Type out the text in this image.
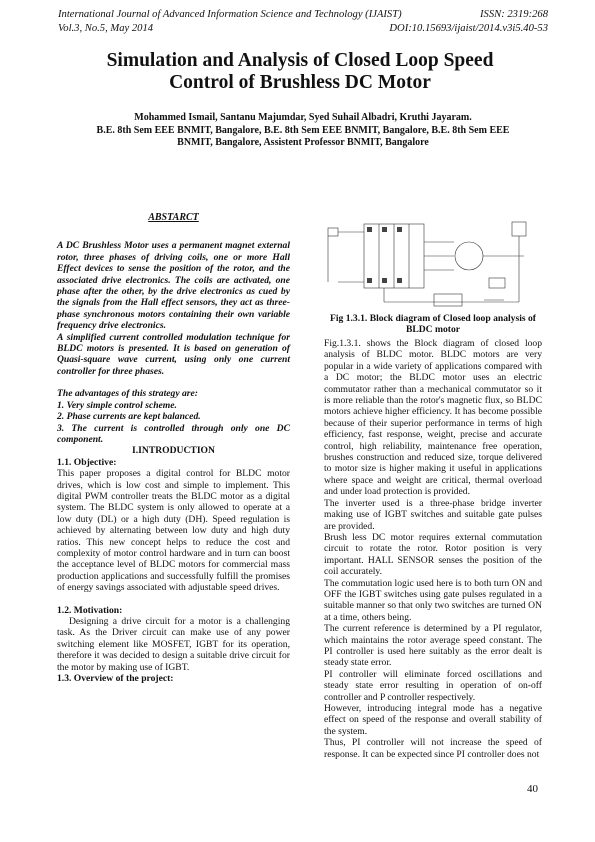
International Journal of Advanced Information Science and Technology (IJAIST)	ISSN: 2319:268
Vol.3, No.5, May 2014	DOI:10.15693/ijaist/2014.v3i5.40-53
Simulation and Analysis of Closed Loop Speed
Control of Brushless DC Motor
Mohammed Ismail, Santanu Majumdar, Syed Suhail Albadri, Kruthi Jayaram.
B.E. 8th Sem EEE BNMIT, Bangalore, B.E. 8th Sem EEE BNMIT, Bangalore, B.E. 8th Sem EEE
BNMIT, Bangalore, Assistent Professor BNMIT, Bangalore
ABSTARCT

A DC Brushless Motor uses a permanent magnet external rotor, three phases of driving coils, one or more Hall Effect devices to sense the position of the rotor, and the associated drive electronics. The coils are activated, one phase after the other, by the drive electronics as cued by the signals from the Hall effect sensors, they act as three-phase synchronous motors containing their own variable frequency drive electronics.

A simplified current controlled modulation technique for BLDC motors is presented. It is based on generation of Quasi-square wave current, using only one current controller for three phases.

The advantages of this strategy are:

1. Very simple control scheme.

2. Phase currents are kept balanced.

3. The current is controlled through only one DC component.

I.INTRODUCTION

1.1. Objective:

This paper proposes a digital control for BLDC motor drives, which is low cost and simple to implement. This digital PWM controller treats the BLDC motor as a digital system. The BLDC system is only allowed to operate at a low duty (DL) or a high duty (DH). Speed regulation is achieved by alternating between low duty and high duty ratios. This new concept helps to reduce the cost and complexity of motor control hardware and in turn can boost the acceptance level of BLDC motors for commercial mass production applications and successfully fulfill the promises of energy savings associated with adjustable speed drives.

1.2. Motivation:

Designing a drive circuit for a motor is a challenging task. As the Driver circuit can make use of any power switching element like MOSFET, IGBT for its operation, therefore it was decided to design a suitable drive circuit for the motor by making use of IGBT.

1.3. Overview of the project:

Fig 1.3.1. Block diagram of Closed loop analysis of BLDC motor

Fig.1.3.1. shows the Block diagram of closed loop analysis of BLDC motor. BLDC motors are very popular in a wide variety of applications compared with a DC motor; the BLDC motor uses an electric commutator rather than a mechanical commutator so it is more reliable than the rotor's magnetic flux, so BLDC motors achieve higher efficiency. It has become possible because of their superior performance in terms of high efficiency, fast response, weight, precise and accurate control, high reliability, maintenance free operation, brushes construction and reduced size, torque delivered to motor size is higher making it useful in applications where space and weight are critical, thermal overload and under load protection is provided.

The inverter used is a three-phase bridge inverter making use of IGBT switches and suitable gate pulses are provided.

Brush less DC motor requires external commutation circuit to rotate the rotor. Rotor position is very important. HALL SENSOR senses the position of the coil accurately.

The commutation logic used here is to both turn ON and OFF the IGBT switches using gate pulses regulated in a suitable manner so that only two switches are turned ON at a time, others being.

The current reference is determined by a PI regulator, which maintains the rotor average speed constant. The PI controller is used here suitably as the error dealt is steady state error.

PI controller will eliminate forced oscillations and steady state error resulting in operation of on-off controller and P controller respectively.

However, introducing integral mode has a negative effect on speed of the response and overall stability of the system.

Thus, PI controller will not increase the speed of response. It can be expected since PI controller does not

40
